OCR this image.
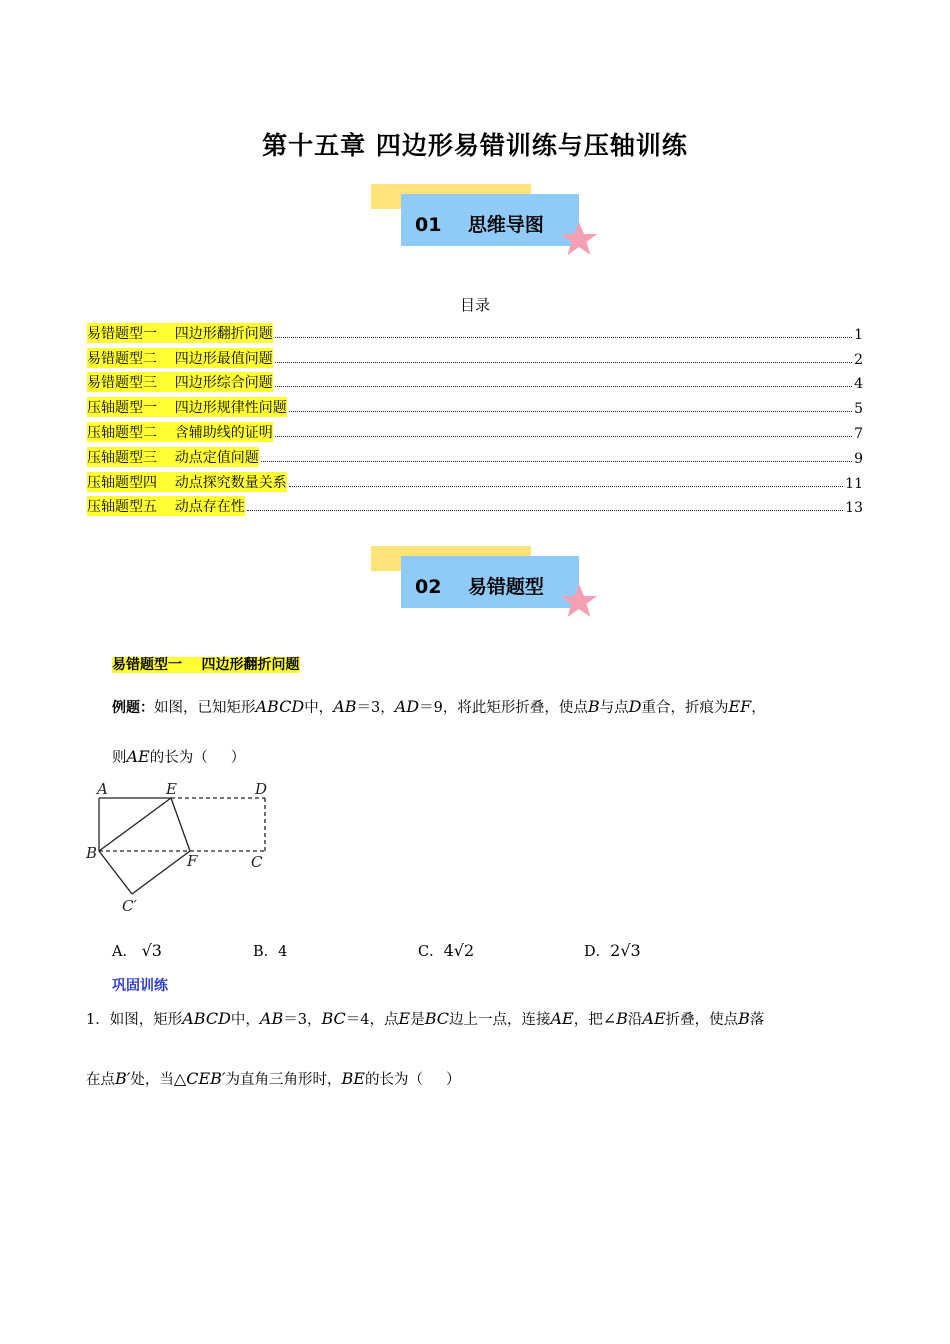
第十五章 四边形易错训练与压轴训练
01 思维导图
目录
易错题型一    四边形翻折问题	1
易错题型二    四边形最值问题	2
易错题型三    四边形综合问题	4
压轴题型一    四边形规律性问题	5
压轴题型二    含辅助线的证明	7
压轴题型三    动点定值问题	9
压轴题型四    动点探究数量关系	11
压轴题型五    动点存在性	13
02 易错题型
易错题型一    四边形翻折问题
例题：如图，已知矩形ABCD中，AB＝3，AD＝9，将此矩形折叠，使点B与点D重合，折痕为EF，
则AE的长为（     ）
A	E	D
B	F	C
C′
A． √3	B．4	C．4√2	D．2√3
巩固训练
1．如图，矩形ABCD中，AB＝3，BC＝4，点E是BC边上一点，连接AE，把∠B沿AE折叠，使点B落
在点B′处，当△CEB′为直角三角形时，BE的长为（     ）
